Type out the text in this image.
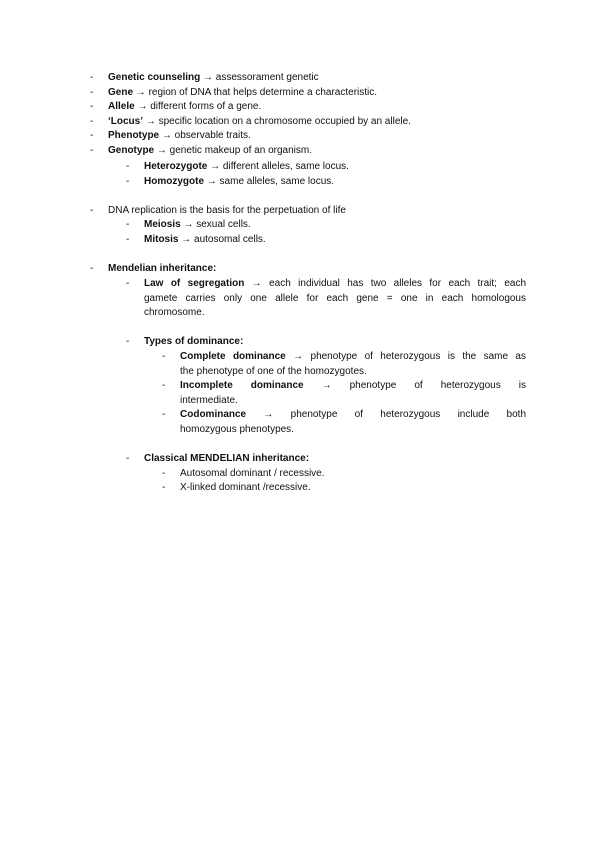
-	Genetic counseling → assessorament genetic
-	Gene → region of DNA that helps determine a characteristic.
-	Allele → different forms of a gene.
-	‘Locus’ → specific location on a chromosome occupied by an allele.
-	Phenotype → observable traits.
-	Genotype → genetic makeup of an organism.
-	Heterozygote → different alleles, same locus.
-	Homozygote → same alleles, same locus.
-	DNA replication is the basis for the perpetuation of life
-	Meiosis → sexual cells.
-	Mitosis → autosomal cells.
-	Mendelian inheritance:
-	Law of segregation → each individual has two alleles for each trait; each
gamete carries only one allele for each gene = one in each homologous
chromosome.
-	Types of dominance:
-	Complete dominance → phenotype of heterozygous is the same as
the phenotype of one of the homozygotes.
-	Incomplete dominance → phenotype of heterozygous is
intermediate.
-	Codominance → phenotype of heterozygous include both
homozygous phenotypes.
-	Classical MENDELIAN inheritance:
-	Autosomal dominant / recessive.
-	X-linked dominant /recessive.
